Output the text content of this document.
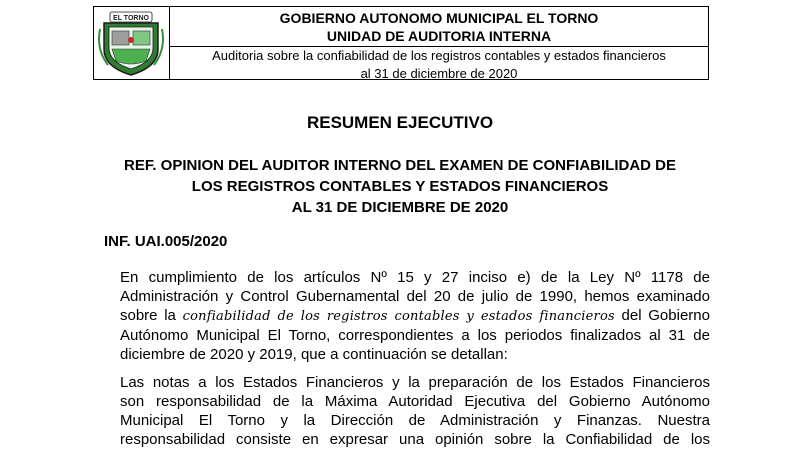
EL TORNO	GOBIERNO AUTONOMO MUNICIPAL EL TORNO
UNIDAD DE AUDITORIA INTERNA
Auditoria sobre la confiabilidad de los registros contables y estados financieros
al 31 de diciembre de 2020
RESUMEN EJECUTIVO
REF. OPINION DEL AUDITOR INTERNO DEL EXAMEN DE CONFIABILIDAD DE
LOS REGISTROS CONTABLES Y ESTADOS FINANCIEROS
AL 31 DE DICIEMBRE DE 2020
INF. UAI.005/2020
En cumplimiento de los artículos Nº 15 y 27 inciso e) de la Ley Nº 1178 de
Administración y Control Gubernamental del 20 de julio de 1990, hemos examinado
sobre la confiabilidad de los registros contables y estados financieros del Gobierno
Autónomo Municipal El Torno, correspondientes a los periodos finalizados al 31 de
diciembre de 2020 y 2019, que a continuación se detallan:
Las notas a los Estados Financieros y la preparación de los Estados Financieros
son responsabilidad de la Máxima Autoridad Ejecutiva del Gobierno Autónomo
Municipal El Torno y la Dirección de Administración y Finanzas. Nuestra
responsabilidad consiste en expresar una opinión sobre la Confiabilidad de los
